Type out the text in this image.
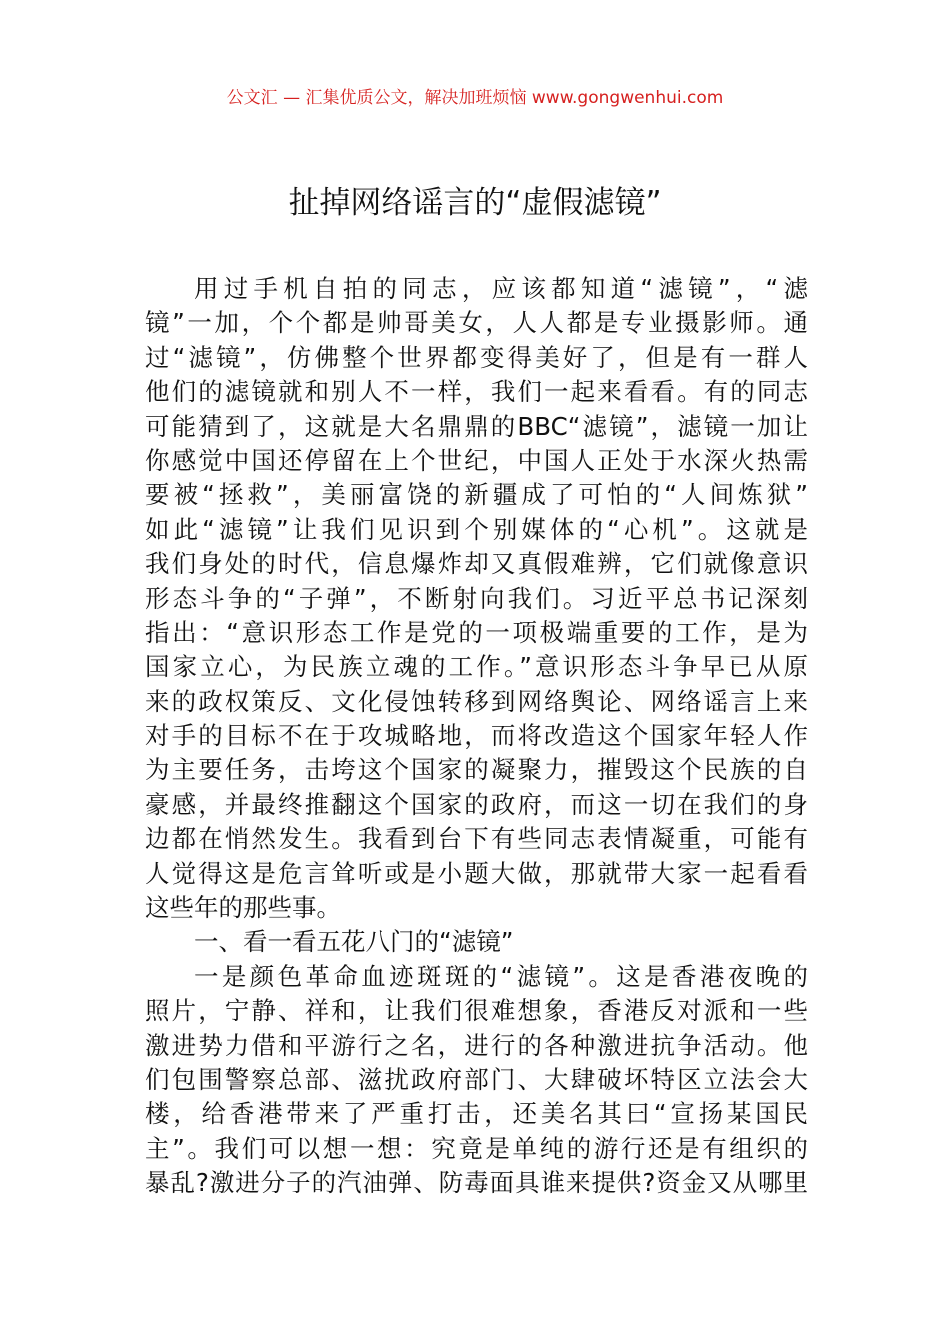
公文汇 — 汇集优质公文，解决加班烦恼 www.gongwenhui.com
扯掉网络谣言的“虚假滤镜”
用过手机自拍的同志，应该都知道“滤镜”，“滤
镜”一加，个个都是帅哥美女，人人都是专业摄影师。通
过“滤镜”，仿佛整个世界都变得美好了，但是有一群人
他们的滤镜就和别人不一样，我们一起来看看。有的同志
可能猜到了，这就是大名鼎鼎的BBC“滤镜”，滤镜一加让
你感觉中国还停留在上个世纪，中国人正处于水深火热需
要被“拯救”，美丽富饶的新疆成了可怕的“人间炼狱”
如此“滤镜”让我们见识到个别媒体的“心机”。这就是
我们身处的时代，信息爆炸却又真假难辨，它们就像意识
形态斗争的“子弹”，不断射向我们。习近平总书记深刻
指出：“意识形态工作是党的一项极端重要的工作，是为
国家立心，为民族立魂的工作。”意识形态斗争早已从原
来的政权策反、文化侵蚀转移到网络舆论、网络谣言上来
对手的目标不在于攻城略地，而将改造这个国家年轻人作
为主要任务，击垮这个国家的凝聚力，摧毁这个民族的自
豪感，并最终推翻这个国家的政府，而这一切在我们的身
边都在悄然发生。我看到台下有些同志表情凝重，可能有
人觉得这是危言耸听或是小题大做，那就带大家一起看看
这些年的那些事。
一、看一看五花八门的“滤镜”
一是颜色革命血迹斑斑的“滤镜”。这是香港夜晚的
照片，宁静、祥和，让我们很难想象，香港反对派和一些
激进势力借和平游行之名，进行的各种激进抗争活动。他
们包围警察总部、滋扰政府部门、大肆破坏特区立法会大
楼，给香港带来了严重打击，还美名其曰“宣扬某国民
主”。我们可以想一想：究竟是单纯的游行还是有组织的
暴乱?激进分子的汽油弹、防毒面具谁来提供?资金又从哪里
